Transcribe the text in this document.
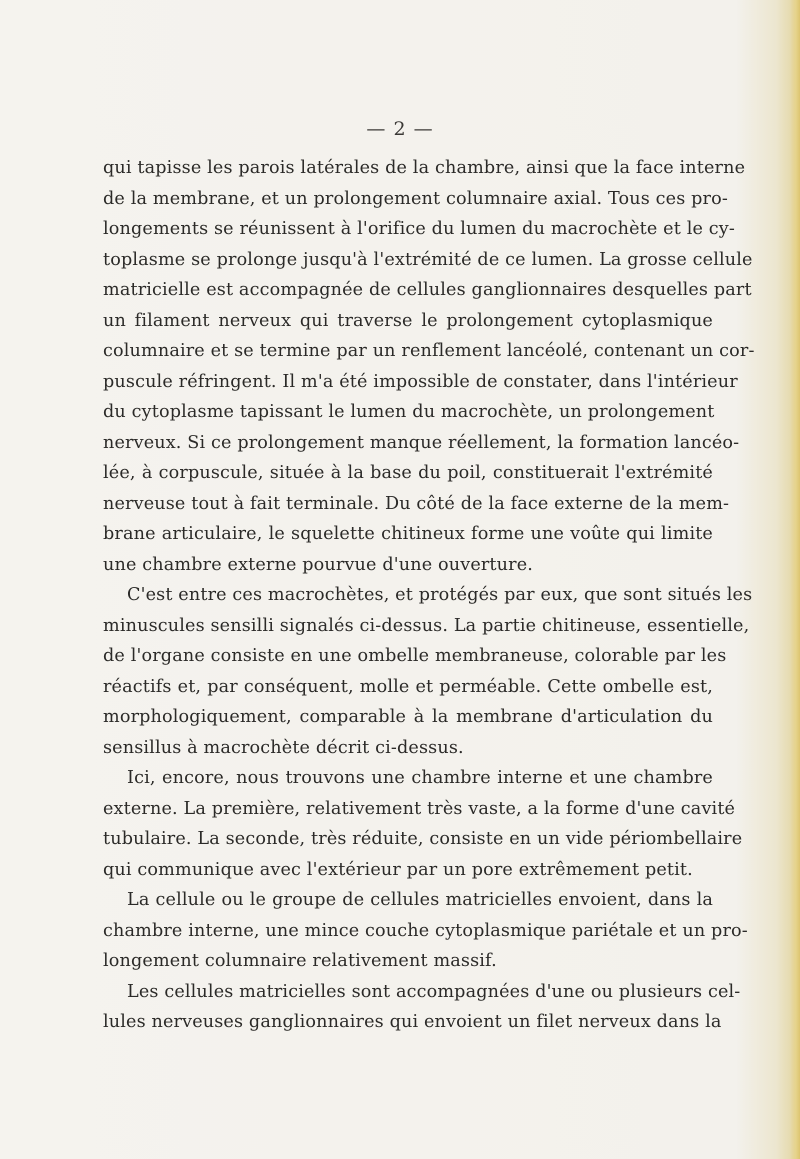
— 2 —
qui tapisse les parois latérales de la chambre, ainsi que la face interne
de la membrane, et un prolongement columnaire axial. Tous ces pro-
longements se réunissent à l'orifice du lumen du macrochète et le cy-
toplasme se prolonge jusqu'à l'extrémité de ce lumen. La grosse cellule
matricielle est accompagnée de cellules ganglionnaires desquelles part
un filament nerveux qui traverse le prolongement cytoplasmique
columnaire et se termine par un renflement lancéolé, contenant un cor-
puscule réfringent. Il m'a été impossible de constater, dans l'intérieur
du cytoplasme tapissant le lumen du macrochète, un prolongement
nerveux. Si ce prolongement manque réellement, la formation lancéo-
lée, à corpuscule, située à la base du poil, constituerait l'extrémité
nerveuse tout à fait terminale. Du côté de la face externe de la mem-
brane articulaire, le squelette chitineux forme une voûte qui limite
une chambre externe pourvue d'une ouverture.
C'est entre ces macrochètes, et protégés par eux, que sont situés les
minuscules sensilli signalés ci-dessus. La partie chitineuse, essentielle,
de l'organe consiste en une ombelle membraneuse, colorable par les
réactifs et, par conséquent, molle et perméable. Cette ombelle est,
morphologiquement, comparable à la membrane d'articulation du
sensillus à macrochète décrit ci-dessus.
Ici, encore, nous trouvons une chambre interne et une chambre
externe. La première, relativement très vaste, a la forme d'une cavité
tubulaire. La seconde, très réduite, consiste en un vide périombellaire
qui communique avec l'extérieur par un pore extrêmement petit.
La cellule ou le groupe de cellules matricielles envoient, dans la
chambre interne, une mince couche cytoplasmique pariétale et un pro-
longement columnaire relativement massif.
Les cellules matricielles sont accompagnées d'une ou plusieurs cel-
lules nerveuses ganglionnaires qui envoient un filet nerveux dans la
